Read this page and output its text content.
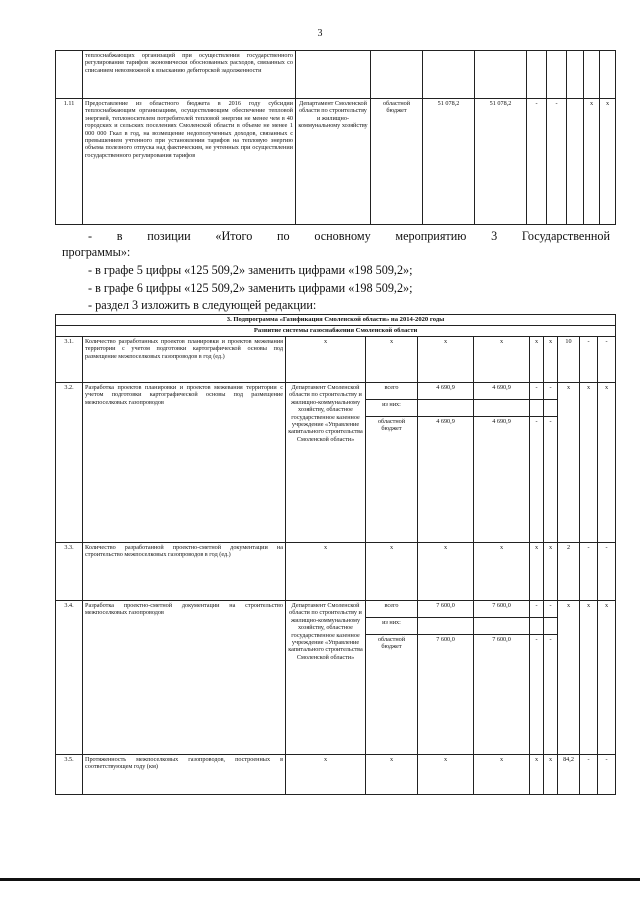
3
	теплоснабжающих организаций при осуществлении государственного регулирования тарифов экономически обоснованных расходов, связанных со списанием невозможной к взысканию дебиторской задолженности									
1.11	Предоставление из областного бюджета в 2016 году субсидии теплоснабжающим организациям, осуществляющим обеспечение тепловой энергией, теплоносителем потребителей тепловой энергии не менее чем в 40 городских и сельских поселениях Смоленской области в объеме не менее 1 000 000 Гкал в год, на возмещение недополученных доходов, связанных с превышением учтенного при установлении тарифов на тепловую энергию объема полезного отпуска над фактическим, не учтенных при осуществлении государственного регулирования тарифов	Департамент Смоленской области по строительству и жилищно-коммунальному хозяйству	областной бюджет	51 078,2	51 078,2	-	-		x	x
- в позиции «Итого по основному мероприятию 3 Государственной
программы»:
- в графе 5 цифры «125 509,2» заменить цифрами «198 509,2»;
- в графе 6 цифры «125 509,2» заменить цифрами «198 509,2»;
- раздел 3 изложить в следующей редакции:
3. Подпрограмма «Газификация Смоленской области» на 2014-2020 годы										
Развитие системы газоснабжения Смоленской области										
3.1.	Количество разработанных проектов планировки и проектов межевания территории с учетом подготовки картографической основы под размещение межпоселковых газопроводов в год (ед.)	x	x	x	x	x	x	10	-	-
3.2.	Разработка проектов планировки и проектов межевания территории с учетом подготовки картографической основы под размещение межпоселковых газопроводов	Департамент Смоленской области по строительству и жилищно-коммунальному хозяйству, областное государственное казенное учреждение «Управление капитального строительства Смоленской области»	всего	4 690,9	4 690,9	-	-	x	x	x
			из них:							
			областной бюджет	4 690,9	4 690,9	-	-			
3.3.	Количество разработанной проектно-сметной документации на строительство межпоселковых газопроводов в год (ед.)	x	x	x	x	x	x	2	-	-
3.4.	Разработка проектно-сметной документации на строительство межпоселковых газопроводов	Департамент Смоленской области по строительству и жилищно-коммунальному хозяйству, областное государственное казенное учреждение «Управление капитального строительства Смоленской области»	всего	7 600,0	7 600,0	-	-	x	x	x
			из них:							
			областной бюджет	7 600,0	7 600,0	-	-			
3.5.	Протяженность межпоселковых газопроводов, построенных в соответствующем году (км)	x	x	x	x	x	x	84,2	-	-
